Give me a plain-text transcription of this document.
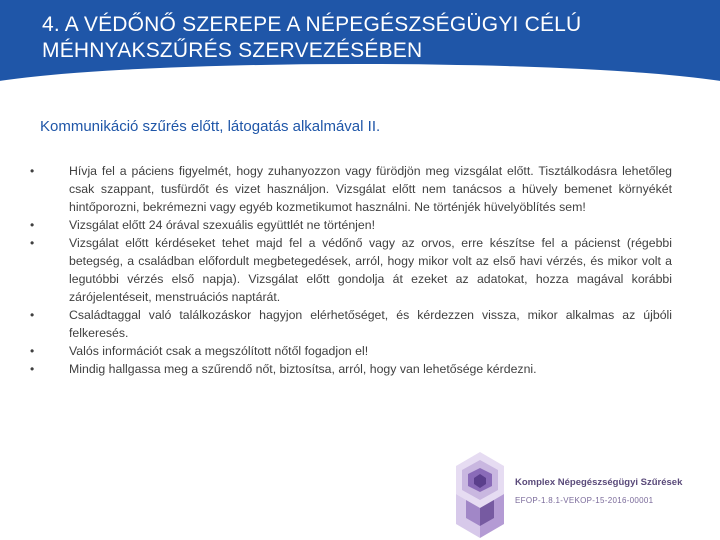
4. A VÉDŐNŐ SZEREPE A NÉPEGÉSZSÉGÜGYI CÉLÚ
MÉHNYAKSZŰRÉS SZERVEZÉSÉBEN
Kommunikáció szűrés előtt, látogatás alkalmával II.
•	Hívja fel a páciens figyelmét, hogy zuhanyozzon vagy fürödjön meg vizsgálat előtt. Tisztálkodásra lehetőleg csak szappant, tusfürdőt és vizet használjon. Vizsgálat előtt nem tanácsos a hüvely bemenet környékét hintőporozni, bekrémezni vagy egyéb kozmetikumot használni. Ne történjék hüvelyöblítés sem!
•	Vizsgálat előtt 24 órával szexuális együttlét ne történjen!
•	Vizsgálat előtt kérdéseket tehet majd fel a védőnő vagy az orvos, erre készítse fel a pácienst (régebbi betegség, a családban előfordult megbetegedések, arról, hogy mikor volt az első havi vérzés, és mikor volt a legutóbbi vérzés első napja). Vizsgálat előtt gondolja át ezeket az adatokat, hozza magával korábbi zárójelentéseit, menstruációs naptárát.
•	Családtaggal való találkozáskor hagyjon elérhetőséget, és kérdezzen vissza, mikor alkalmas az újbóli felkeresés.
•	Valós információt csak a megszólított nőtől fogadjon el!
•	Mindig hallgassa meg a szűrendő nőt, biztosítsa, arról, hogy van lehetősége kérdezni.
Komplex Népegészségügyi Szűrések
EFOP-1.8.1-VEKOP-15-2016-00001
